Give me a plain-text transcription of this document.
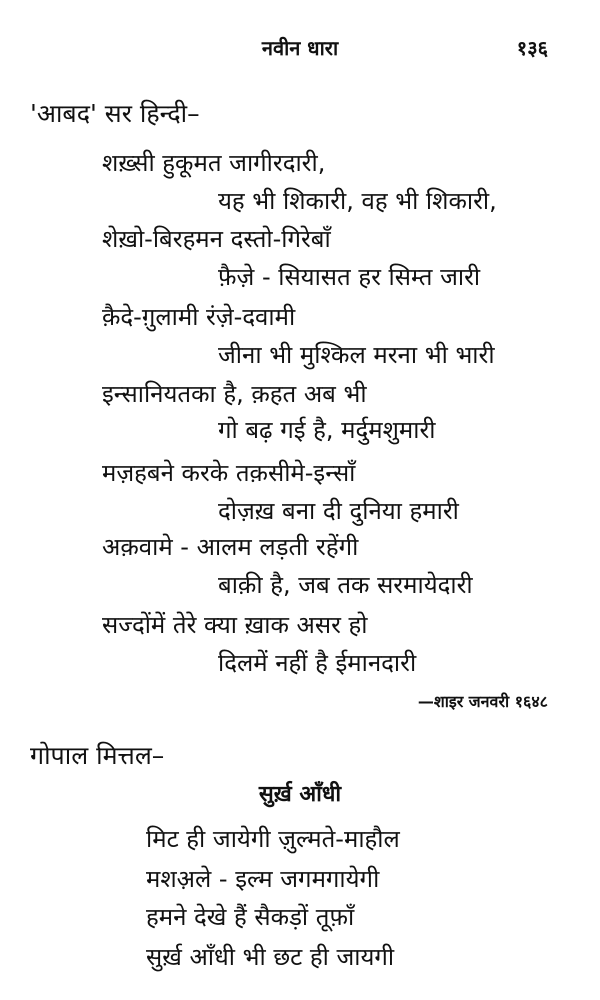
नवीन धारा	१३६
'आबद' सर हिन्दी–
शख़्सी हुकूमत जागीरदारी,
यह भी शिकारी, वह भी शिकारी,
शेख़ो-बिरहमन दस्तो-गिरेबाँ
फ़ैज़े - सियासत हर सिम्त जारी
क़ैदे-ग़ुलामी रंज़े-दवामी
जीना भी मुश्किल मरना भी भारी
इन्सानियतका है, क़हत अब भी
गो बढ़ गई है, मर्दुमशुमारी
मज़हबने करके तक़सीमे-इन्साँ
दोज़ख़ बना दी दुनिया हमारी
अक़वामे - आलम लड़ती रहेंगी
बाक़ी है, जब तक सरमायेदारी
सज्दोंमें तेरे क्या ख़ाक असर हो
दिलमें नहीं है ईमानदारी
—शाइर जनवरी १६४८
गोपाल मित्तल–
सुर्ख़ आँधी
मिट ही जायेगी ज़ुल्मते-माहौल
मशअ़ले - इल्म जगमगायेगी
हमने देखे हैं सैकड़ों तूफ़ाँ
सुर्ख़ आँधी भी छट ही जायगी
